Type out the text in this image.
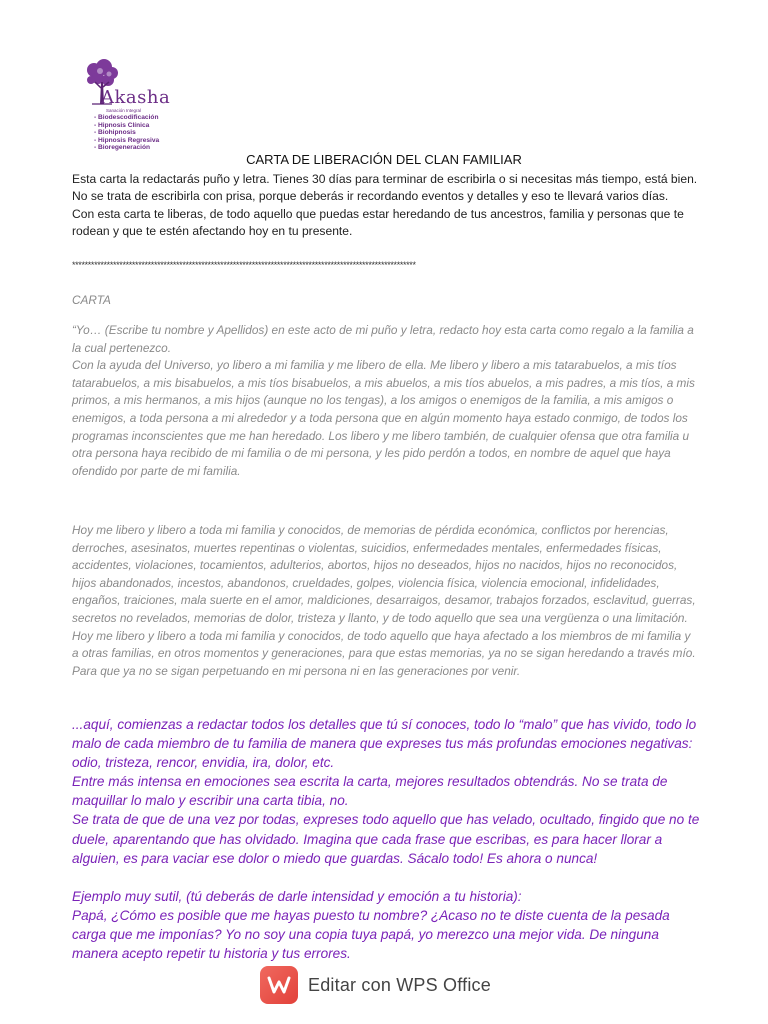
Akasha
Sanación Integral
- Biodescodificación
- Hipnosis Clínica
- Biohipnosis
- Hipnosis Regresiva
- Bioregeneración
CARTA DE LIBERACIÓN DEL CLAN FAMILIAR

Esta carta la redactarás puño y letra. Tienes 30 días para terminar de escribirla o si necesitas más tiempo, está bien.

No se trata de escribirla con prisa, porque deberás ir recordando eventos y detalles y eso te llevará varios días.

Con esta carta te liberas, de todo aquello que puedas estar heredando de tus ancestros, familia y personas que te rodean y que te estén afectando hoy en tu presente.

*************************************************************************************************************
CARTA

“Yo… (Escribe tu nombre y Apellidos) en este acto de mi puño y letra, redacto hoy esta carta como regalo a la familia a la cual pertenezco.

Con la ayuda del Universo, yo libero a mi familia y me libero de ella. Me libero y libero a mis tatarabuelos, a mis tíos tatarabuelos, a mis bisabuelos, a mis tíos bisabuelos, a mis abuelos, a mis tíos abuelos, a mis padres, a mis tíos, a mis primos, a mis hermanos, a mis hijos (aunque no los tengas), a los amigos o enemigos de la familia, a mis amigos o enemigos, a toda persona a mi alrededor y a toda persona que en algún momento haya estado conmigo, de todos los programas inconscientes que me han heredado. Los libero y me libero también, de cualquier ofensa que otra familia u otra persona haya recibido de mi familia o de mi persona, y les pido perdón a todos, en nombre de aquel que haya ofendido por parte de mi familia.

Hoy me libero y libero a toda mi familia y conocidos, de memorias de pérdida económica, conflictos por herencias, derroches, asesinatos, muertes repentinas o violentas, suicidios, enfermedades mentales, enfermedades físicas, accidentes, violaciones, tocamientos, adulterios, abortos, hijos no deseados, hijos no nacidos, hijos no reconocidos, hijos abandonados, incestos, abandonos, crueldades, golpes, violencia física, violencia emocional, infidelidades, engaños, traiciones, mala suerte en el amor, maldiciones, desarraigos, desamor, trabajos forzados, esclavitud, guerras, secretos no revelados, memorias de dolor, tristeza y llanto, y de todo aquello que sea una vergüenza o una limitación.

Hoy me libero y libero a toda mi familia y conocidos, de todo aquello que haya afectado a los miembros de mi familia y a otras familias, en otros momentos y generaciones, para que estas memorias, ya no se sigan heredando a través mío. Para que ya no se sigan perpetuando en mi persona ni en las generaciones por venir.

...aquí, comienzas a redactar todos los detalles que tú sí conoces, todo lo “malo” que has vivido, todo lo malo de cada miembro de tu familia de manera que expreses tus más profundas emociones negativas: odio, tristeza, rencor, envidia, ira, dolor, etc.

Entre más intensa en emociones sea escrita la carta, mejores resultados obtendrás. No se trata de maquillar lo malo y escribir una carta tibia, no.

Se trata de que de una vez por todas, expreses todo aquello que has velado, ocultado, fingido que no te duele, aparentando que has olvidado. Imagina que cada frase que escribas, es para hacer llorar a alguien, es para vaciar ese dolor o miedo que guardas. Sácalo todo! Es ahora o nunca!

Ejemplo muy sutil, (tú deberás de darle intensidad y emoción a tu historia):

Papá, ¿Cómo es posible que me hayas puesto tu nombre? ¿Acaso no te diste cuenta de la pesada carga que me imponías? Yo no soy una copia tuya papá, yo merezco una mejor vida. De ninguna manera acepto repetir tu historia y tus errores.

Editar con WPS Office
